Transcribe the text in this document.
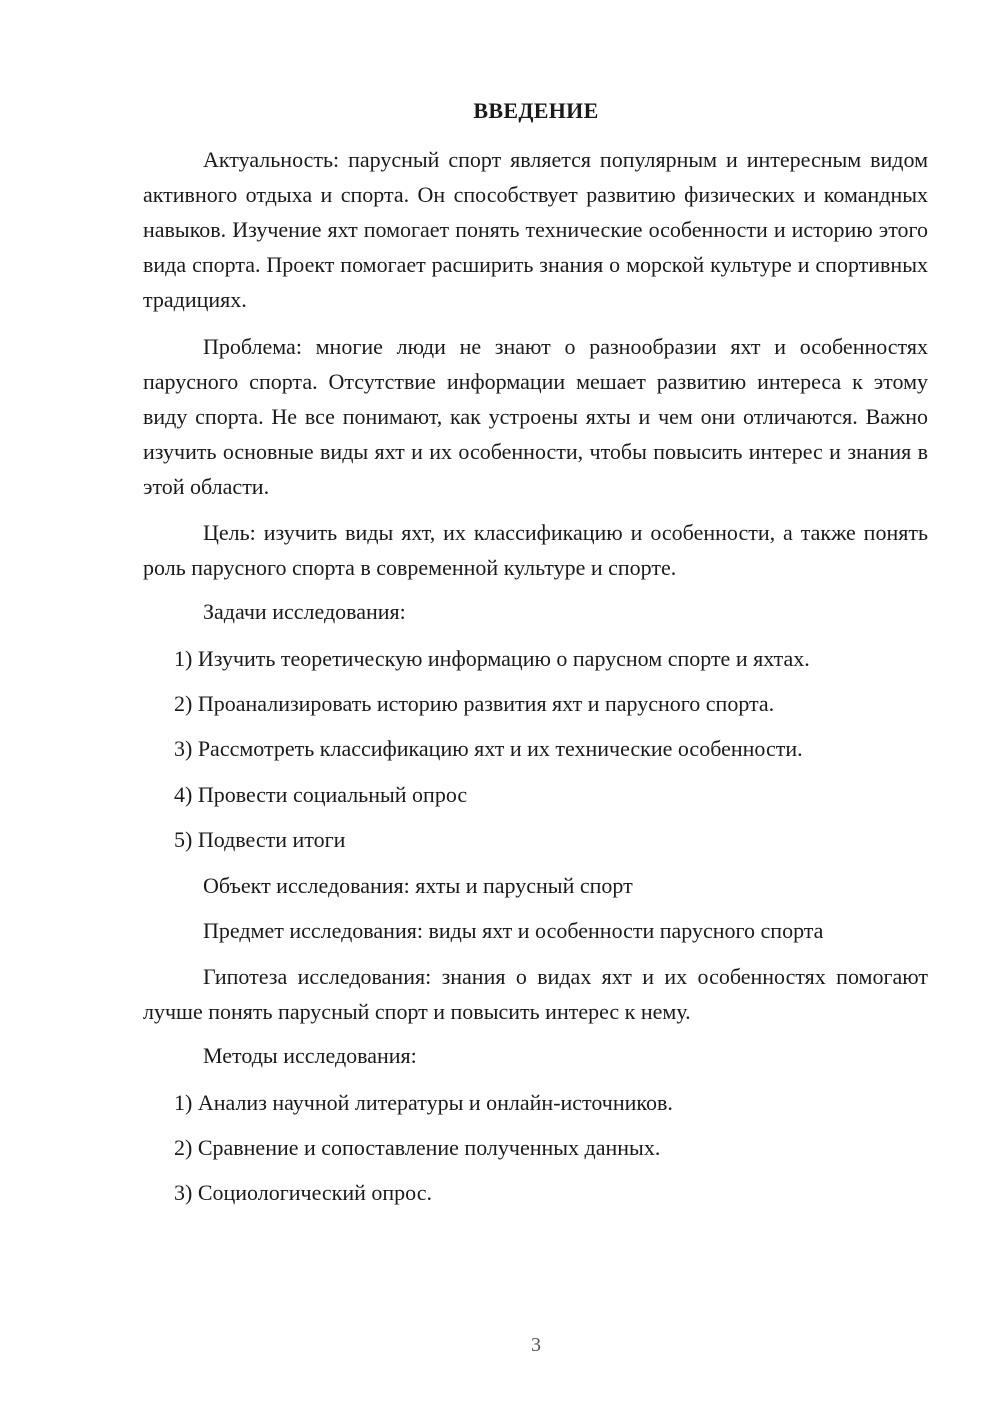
ВВЕДЕНИЕ

Актуальность: парусный спорт является популярным и интересным видом активного отдыха и спорта. Он способствует развитию физических и командных навыков. Изучение яхт помогает понять технические особенности и историю этого вида спорта. Проект помогает расширить знания о морской культуре и спортивных традициях.

Проблема: многие люди не знают о разнообразии яхт и особенностях парусного спорта. Отсутствие информации мешает развитию интереса к этому виду спорта. Не все понимают, как устроены яхты и чем они отличаются. Важно изучить основные виды яхт и их особенности, чтобы повысить интерес и знания в этой области.

Цель: изучить виды яхт, их классификацию и особенности, а также понять роль парусного спорта в современной культуре и спорте.

Задачи исследования:

1) Изучить теоретическую информацию о парусном спорте и яхтах.

2) Проанализировать историю развития яхт и парусного спорта.

3) Рассмотреть классификацию яхт и их технические особенности.

4) Провести социальный опрос

5) Подвести итоги

Объект исследования: яхты и парусный спорт

Предмет исследования: виды яхт и особенности парусного спорта

Гипотеза исследования: знания о видах яхт и их особенностях помогают лучше понять парусный спорт и повысить интерес к нему.

Методы исследования:

1) Анализ научной литературы и онлайн-источников.

2) Сравнение и сопоставление полученных данных.

3) Социологический опрос.

3
